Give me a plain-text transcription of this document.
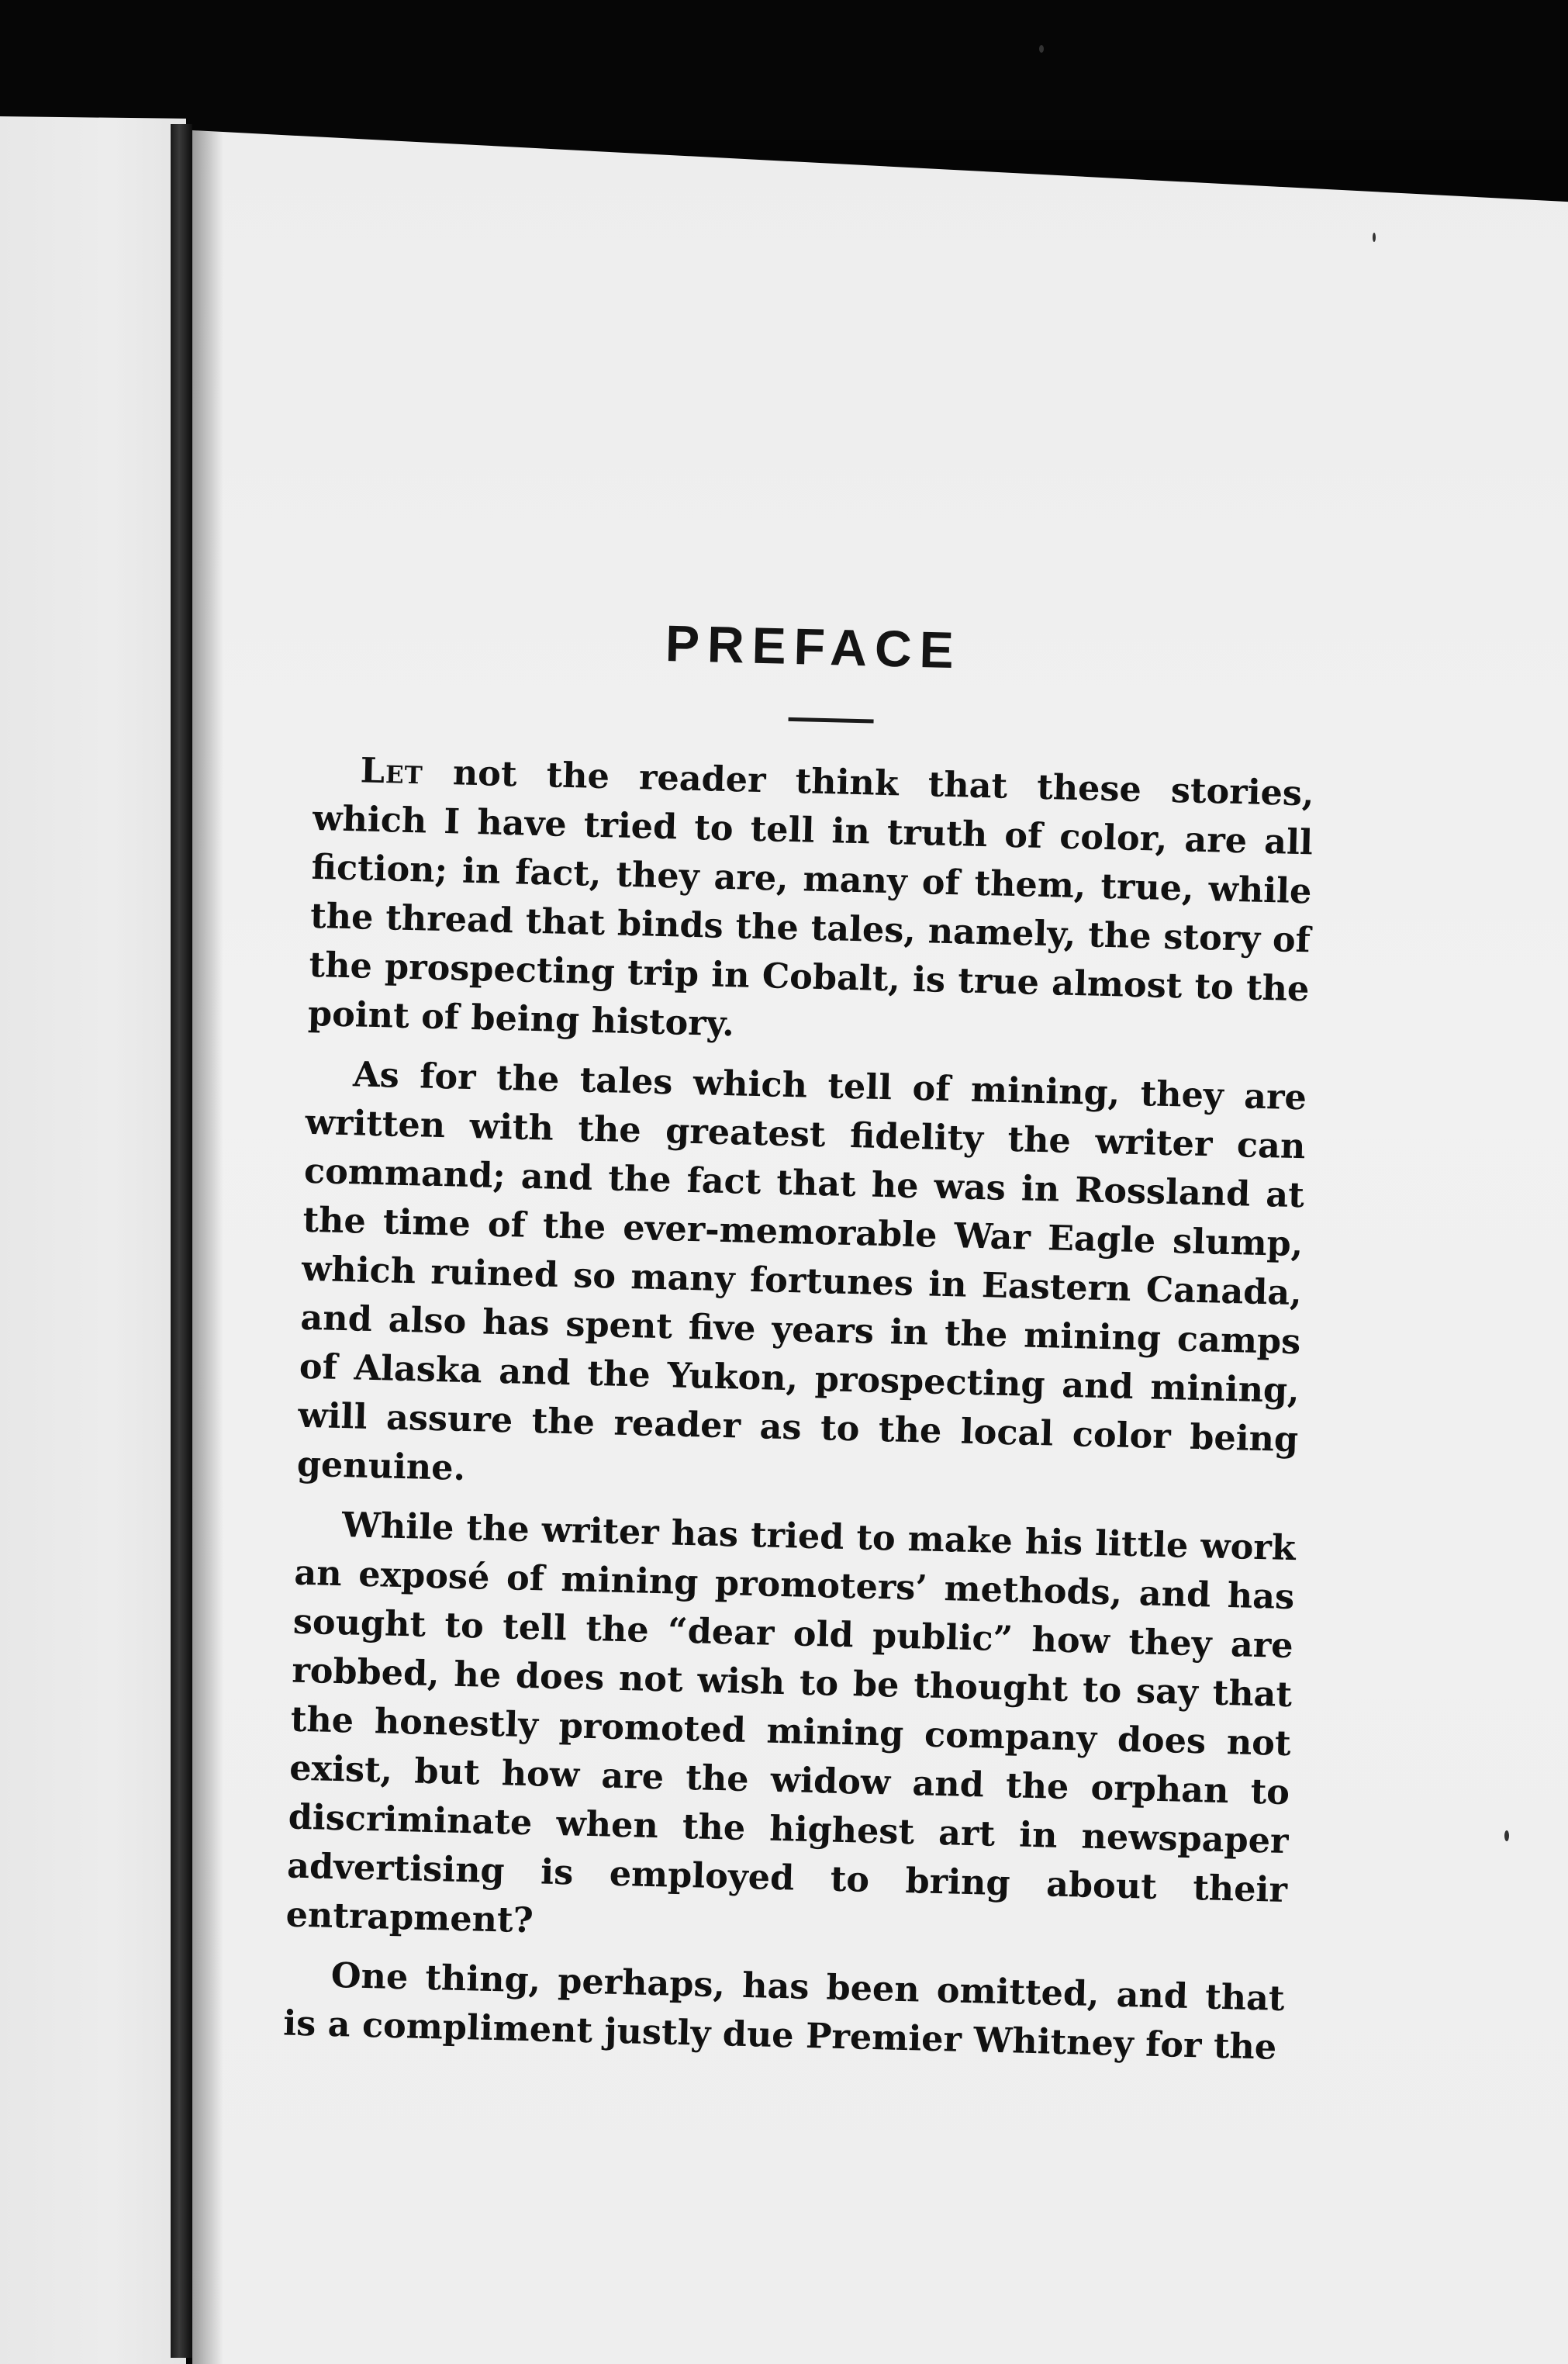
PREFACE

Let not the reader think that these stories, which I have tried to tell in truth of color, are all fiction; in fact, they are, many of them, true, while the thread that binds the tales, namely, the story of the prospecting trip in Cobalt, is true almost to the point of being history.

As for the tales which tell of mining, they are written with the greatest fidelity the writer can command; and the fact that he was in Rossland at the time of the ever-memorable War Eagle slump, which ruined so many fortunes in Eastern Canada, and also has spent five years in the mining camps of Alaska and the Yukon, prospecting and mining, will assure the reader as to the local color being genuine.

While the writer has tried to make his little work an exposé of mining promoters’ methods, and has sought to tell the “dear old public” how they are robbed, he does not wish to be thought to say that the honestly promoted mining company does not exist, but how are the widow and the orphan to discriminate when the highest art in newspaper advertising is employed to bring about their entrapment?

One thing, perhaps, has been omitted, and that is a compliment justly due Premier Whitney for the
